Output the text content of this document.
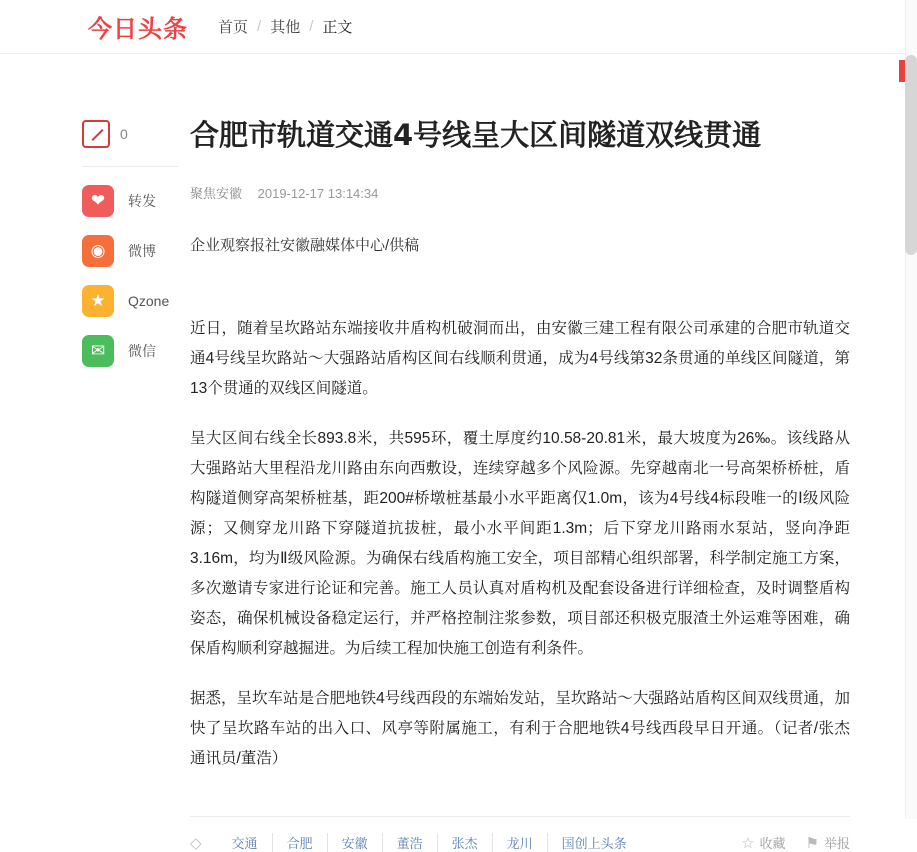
今日头条 首页 / 其他 / 正文
0
❤	转发
◉	微博
★	Qzone
✉	微信
合肥市轨道交通4号线呈大区间隧道双线贯通
聚焦安徽 2019-12-17 13:14:34
企业观察报社安徽融媒体中心/供稿

近日，随着呈坎路站东端接收井盾构机破洞而出，由安徽三建工程有限公司承建的合肥市轨道交通4号线呈坎路站～大强路站盾构区间右线顺利贯通，成为4号线第32条贯通的单线区间隧道，第13个贯通的双线区间隧道。

呈大区间右线全长893.8米，共595环，覆土厚度约10.58-20.81米，最大坡度为26‰。该线路从大强路站大里程沿龙川路由东向西敷设，连续穿越多个风险源。先穿越南北一号高架桥桥桩，盾构隧道侧穿高架桥桩基，距200#桥墩桩基最小水平距离仅1.0m，该为4号线4标段唯一的Ⅰ级风险源；又侧穿龙川路下穿隧道抗拔桩，最小水平间距1.3m；后下穿龙川路雨水泵站，竖向净距3.16m，均为Ⅱ级风险源。为确保右线盾构施工安全，项目部精心组织部署，科学制定施工方案，多次邀请专家进行论证和完善。施工人员认真对盾构机及配套设备进行详细检查，及时调整盾构姿态，确保机械设备稳定运行，并严格控制注浆参数，项目部还积极克服渣土外运难等困难，确保盾构顺利穿越掘进。为后续工程加快施工创造有利条件。

据悉，呈坎车站是合肥地铁4号线西段的东端始发站，呈坎路站～大强路站盾构区间双线贯通，加快了呈坎路车站的出入口、风亭等附属施工，有利于合肥地铁4号线西段早日开通。（记者/张杰 通讯员/董浩）

◇	交通	合肥	安徽	董浩	张杰	龙川	国创上头条	☆ 收藏 ⚑ 举报
